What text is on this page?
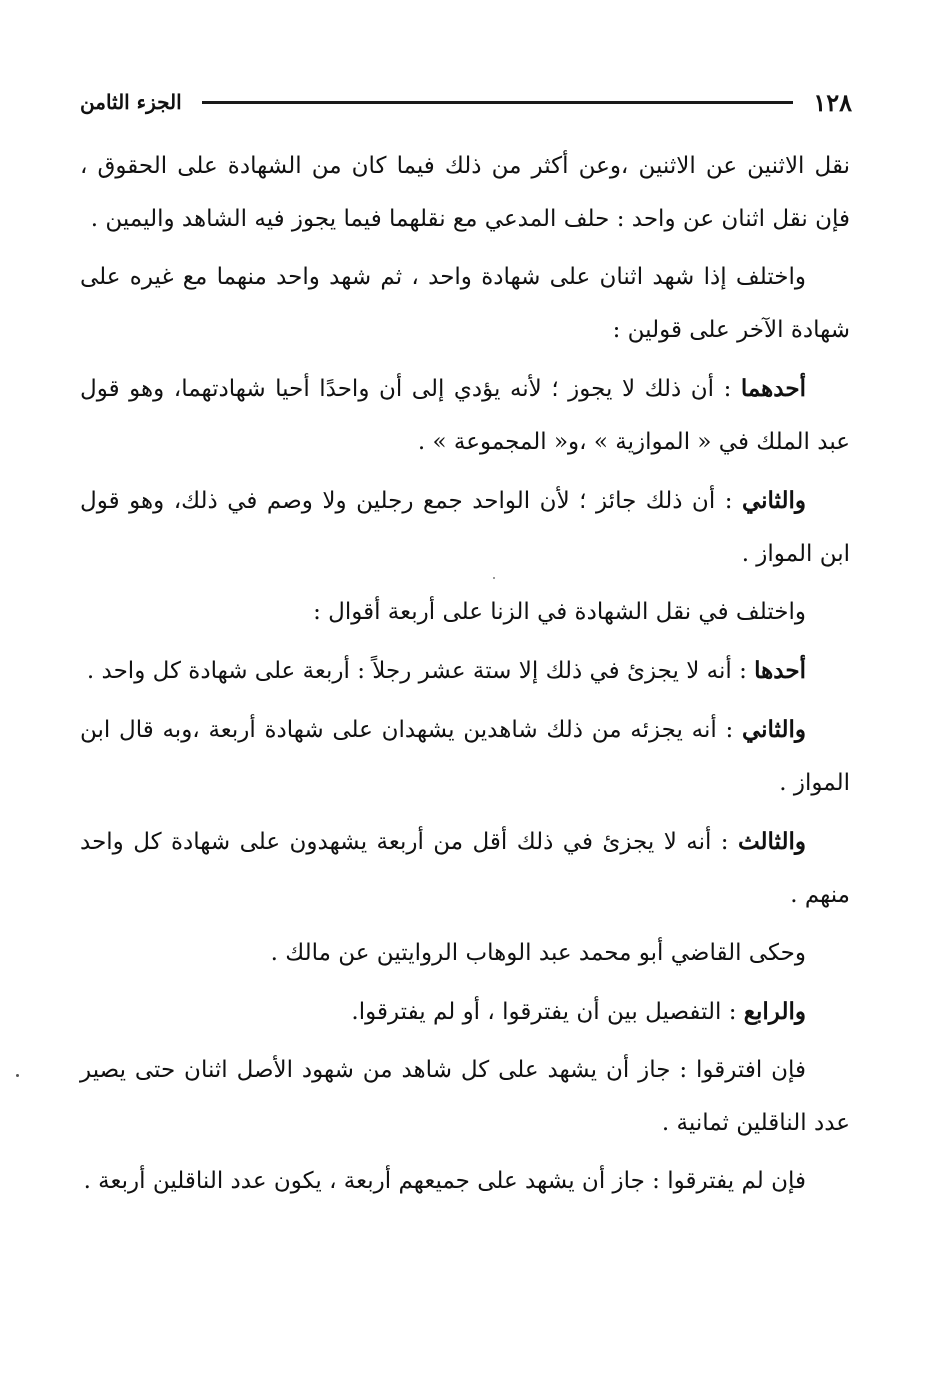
١٢٨
الجزء الثامن

نقل الاثنين عن الاثنين ،وعن أكثر من ذلك فيما كان من الشهادة على الحقوق ، فإن نقل اثنان عن واحد : حلف المدعي مع نقلهما فيما يجوز فيه الشاهد واليمين .

واختلف إذا شهد اثنان على شهادة واحد ، ثم شهد واحد منهما مع غيره على شهادة الآخر على قولين :

أحدهما : أن ذلك لا يجوز ؛ لأنه يؤدي إلى أن واحدًا أحيا شهادتهما، وهو قول عبد الملك في « الموازية » ،و« المجموعة » .

والثاني : أن ذلك جائز ؛ لأن الواحد جمع رجلين ولا وصم في ذلك، وهو قول ابن المواز .

واختلف في نقل الشهادة في الزنا على أربعة أقوال :

أحدها : أنه لا يجزئ في ذلك إلا ستة عشر رجلاً : أربعة على شهادة كل واحد .

والثاني : أنه يجزئه من ذلك شاهدين يشهدان على شهادة أربعة ،وبه قال ابن المواز .

والثالث : أنه لا يجزئ في ذلك أقل من أربعة يشهدون على شهادة كل واحد منهم .

وحكى القاضي أبو محمد عبد الوهاب الروايتين عن مالك .

والرابع : التفصيل بين أن يفترقوا ، أو لم يفترقوا.

فإن افترقوا : جاز أن يشهد على كل شاهد من شهود الأصل اثنان حتى يصير عدد الناقلين ثمانية .

فإن لم يفترقوا : جاز أن يشهد على جميعهم أربعة ، يكون عدد الناقلين أربعة .
